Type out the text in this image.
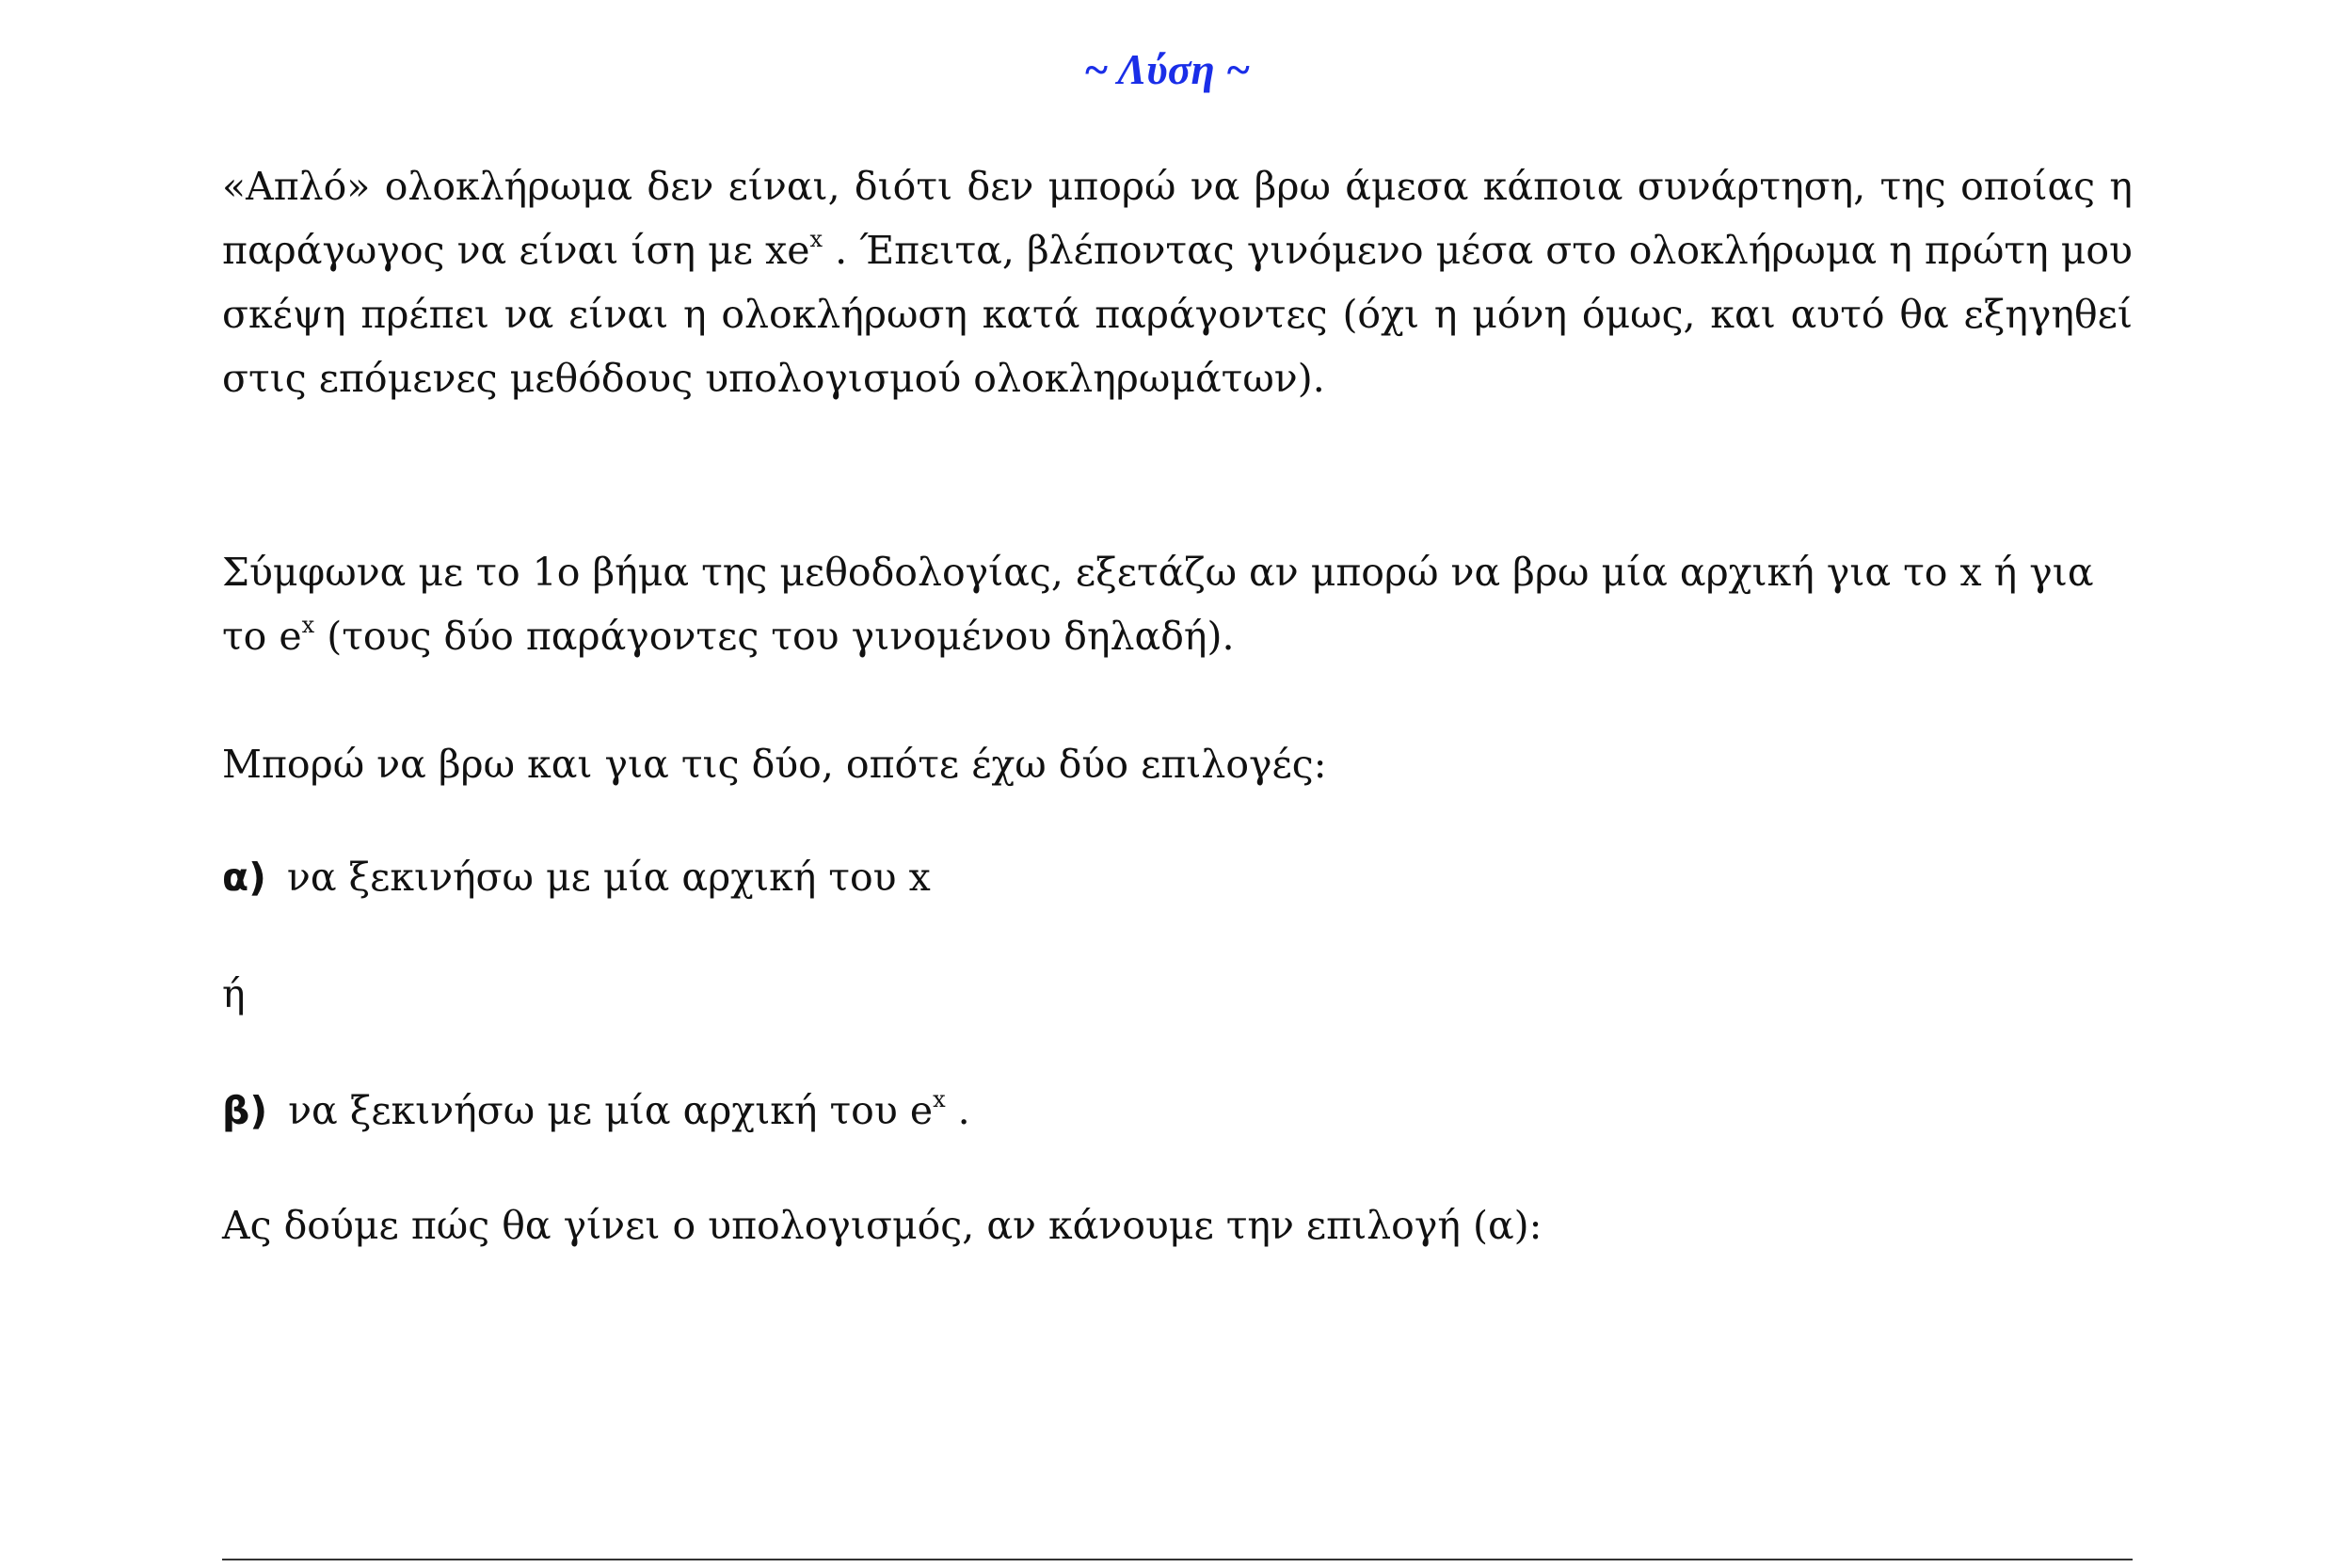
~ Λύση ~

«Απλό» ολοκλήρωμα δεν είναι, διότι δεν μπορώ να βρω άμεσα κάποια συνάρτηση, της οποίας η παράγωγος να είναι ίση με $xe^x$ . Έπειτα, βλέποντας γινόμενο μέσα στο ολοκλήρωμα η πρώτη μου σκέψη πρέπει να είναι η ολοκλήρωση κατά παράγοντες (όχι η μόνη όμως, και αυτό θα εξηγηθεί στις επόμενες μεθόδους υπολογισμού ολοκληρωμάτων).

Σύμφωνα με το 1ο βήμα της μεθοδολογίας, εξετάζω αν μπορώ να βρω μία αρχική για το x ή για το $e^x$ (τους δύο παράγοντες του γινομένου δηλαδή).

Μπορώ να βρω και για τις δύο, οπότε έχω δύο επιλογές:

α) να ξεκινήσω με μία αρχική του x

ή

β) να ξεκινήσω με μία αρχική του $e^x$ .

Ας δούμε πώς θα γίνει ο υπολογισμός, αν κάνουμε την επιλογή (α):
